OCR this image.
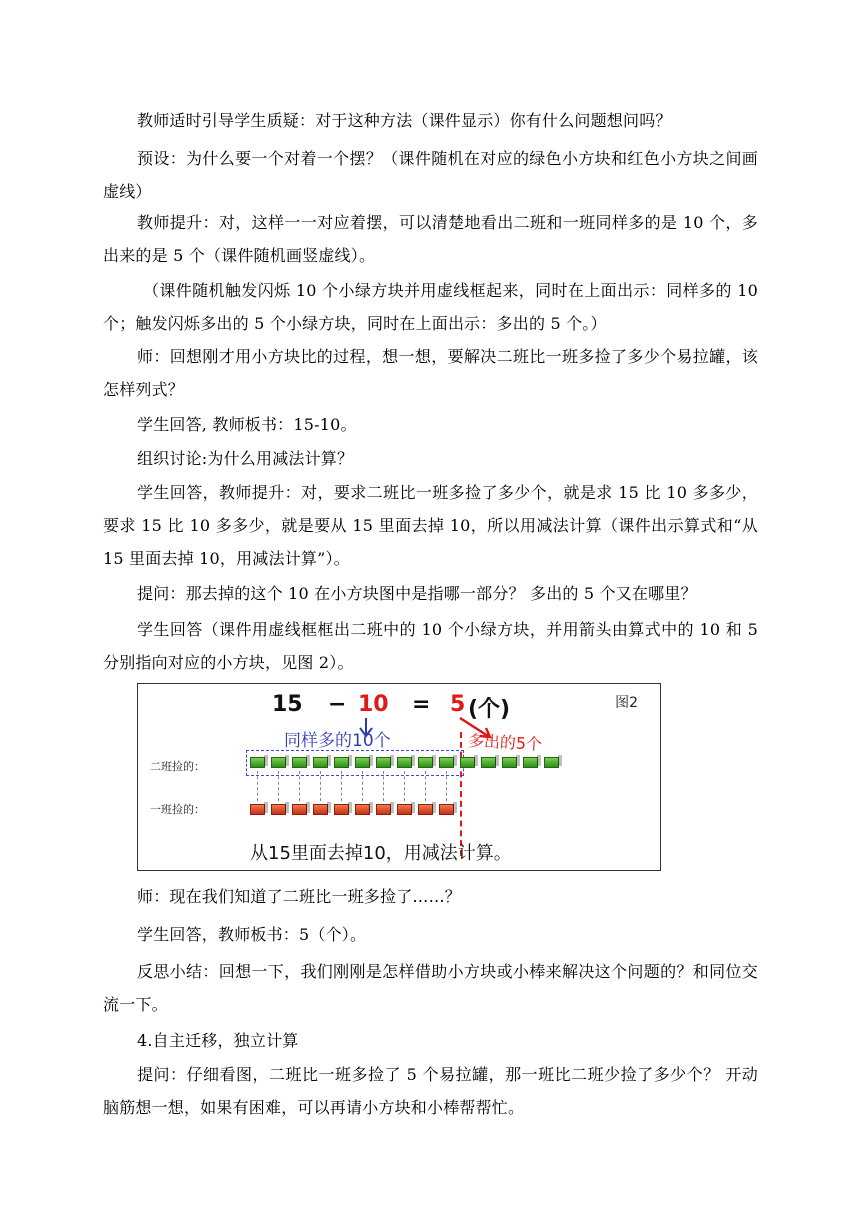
教师适时引导学生质疑：对于这种方法（课件显示）你有什么问题想问吗？

预设：为什么要一个对着一个摆？（课件随机在对应的绿色小方块和红色小方块之间画虚线）

教师提升：对，这样一一对应着摆，可以清楚地看出二班和一班同样多的是 10 个，多出来的是 5 个（课件随机画竖虚线）。

（课件随机触发闪烁 10 个小绿方块并用虚线框起来，同时在上面出示：同样多的 10 个；触发闪烁多出的 5 个小绿方块，同时在上面出示：多出的 5 个。）

师：回想刚才用小方块比的过程，想一想，要解决二班比一班多捡了多少个易拉罐，该怎样列式？

学生回答, 教师板书：15-10。

组织讨论:为什么用减法计算？

学生回答，教师提升：对，要求二班比一班多捡了多少个，就是求 15 比 10 多多少，要求 15 比 10 多多少，就是要从 15 里面去掉 10，所以用减法计算（课件出示算式和“从 15 里面去掉 10，用减法计算”）。

提问：那去掉的这个 10 在小方块图中是指哪一部分？ 多出的 5 个又在哪里？

学生回答（课件用虚线框框出二班中的 10 个小绿方块，并用箭头由算式中的 10 和 5 分别指向对应的小方块，见图 2）。

图2
15 − 10 = 5 (个)
同样多的10个	多出的5个
二班捡的：
一班捡的：
从15里面去掉10，用减法计算。

师：现在我们知道了二班比一班多捡了……？

学生回答，教师板书：5（个）。

反思小结：回想一下，我们刚刚是怎样借助小方块或小棒来解决这个问题的？和同位交流一下。

4.自主迁移，独立计算

提问：仔细看图，二班比一班多捡了 5 个易拉罐，那一班比二班少捡了多少个？ 开动脑筋想一想，如果有困难，可以再请小方块和小棒帮帮忙。
